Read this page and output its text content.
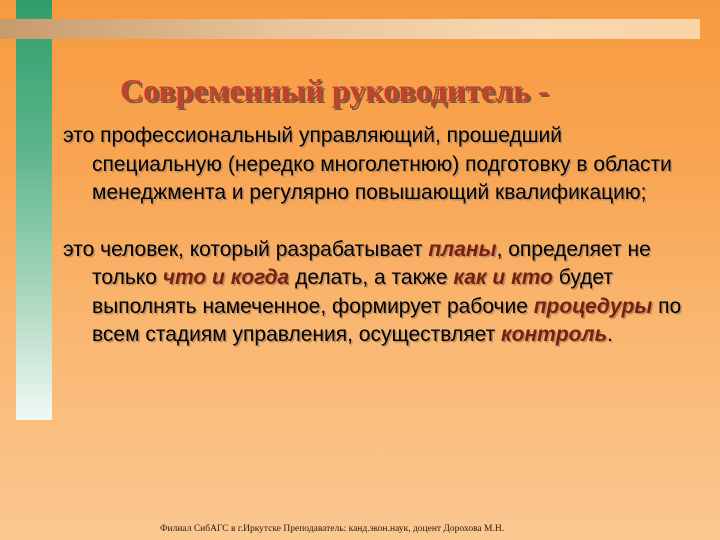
Современный руководитель -

это профессиональный управляющий, прошедший специальную (нередко многолетнюю) подготовку в области менеджмента и регулярно повышающий квалификацию;

это человек, который разрабатывает планы, определяет не только что и когда делать, а также как и кто будет выполнять намеченное, формирует рабочие процедуры по всем стадиям управления, осуществляет контроль.

Филиал СибАГС в г.Иркутске Преподаватель: канд.экон.наук, доцент Дорохова М.Н.
